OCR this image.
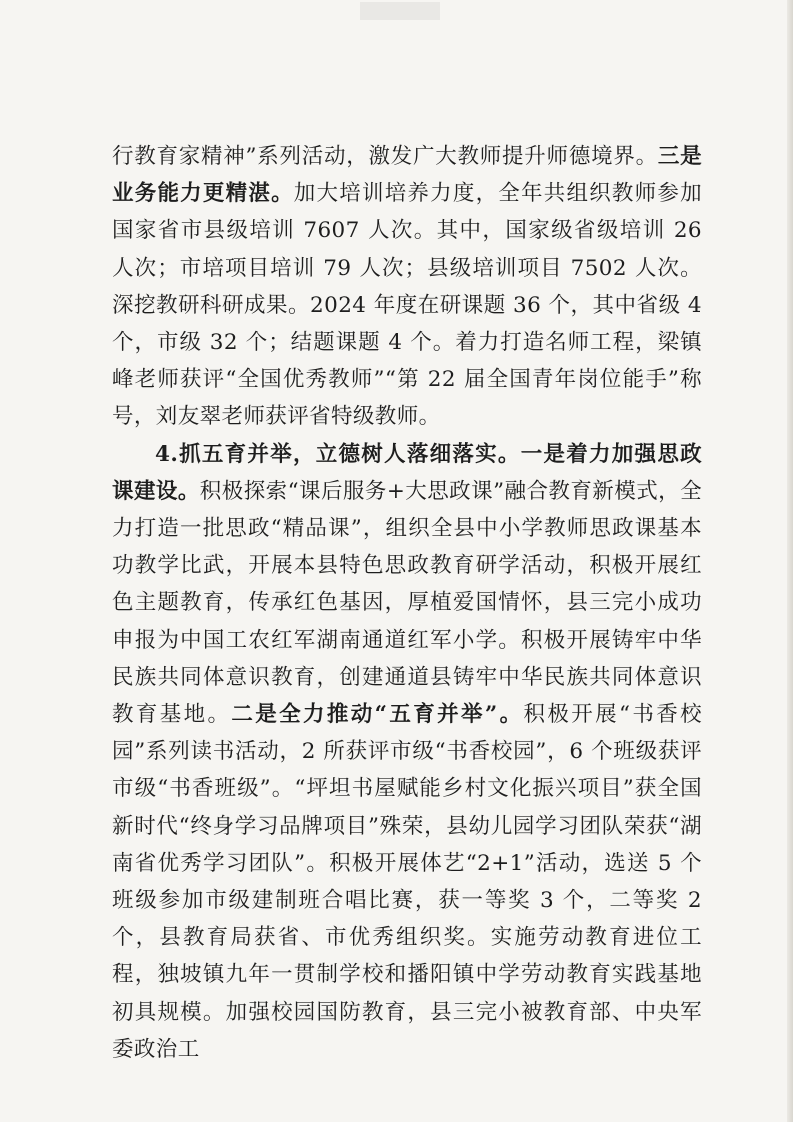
行教育家精神”系列活动，激发广大教师提升师德境界。三是业务能力更精湛。加大培训培养力度，全年共组织教师参加国家省市县级培训 7607 人次。其中，国家级省级培训 26 人次；市培项目培训 79 人次；县级培训项目 7502 人次。深挖教研科研成果。2024 年度在研课题 36 个，其中省级 4 个，市级 32 个；结题课题 4 个。着力打造名师工程，梁镇峰老师获评“全国优秀教师”“第 22 届全国青年岗位能手”称号，刘友翠老师获评省特级教师。

4.抓五育并举，立德树人落细落实。一是着力加强思政课建设。积极探索“课后服务+大思政课”融合教育新模式，全力打造一批思政“精品课”，组织全县中小学教师思政课基本功教学比武，开展本县特色思政教育研学活动，积极开展红色主题教育，传承红色基因，厚植爱国情怀，县三完小成功申报为中国工农红军湖南通道红军小学。积极开展铸牢中华民族共同体意识教育，创建通道县铸牢中华民族共同体意识教育基地。二是全力推动“五育并举”。积极开展“书香校园”系列读书活动，2 所获评市级“书香校园”，6 个班级获评市级“书香班级”。“坪坦书屋赋能乡村文化振兴项目”获全国新时代“终身学习品牌项目”殊荣，县幼儿园学习团队荣获“湖南省优秀学习团队”。积极开展体艺“2+1”活动，选送 5 个班级参加市级建制班合唱比赛，获一等奖 3 个，二等奖 2 个，县教育局获省、市优秀组织奖。实施劳动教育进位工程，独坡镇九年一贯制学校和播阳镇中学劳动教育实践基地初具规模。加强校园国防教育，县三完小被教育部、中央军委政治工
